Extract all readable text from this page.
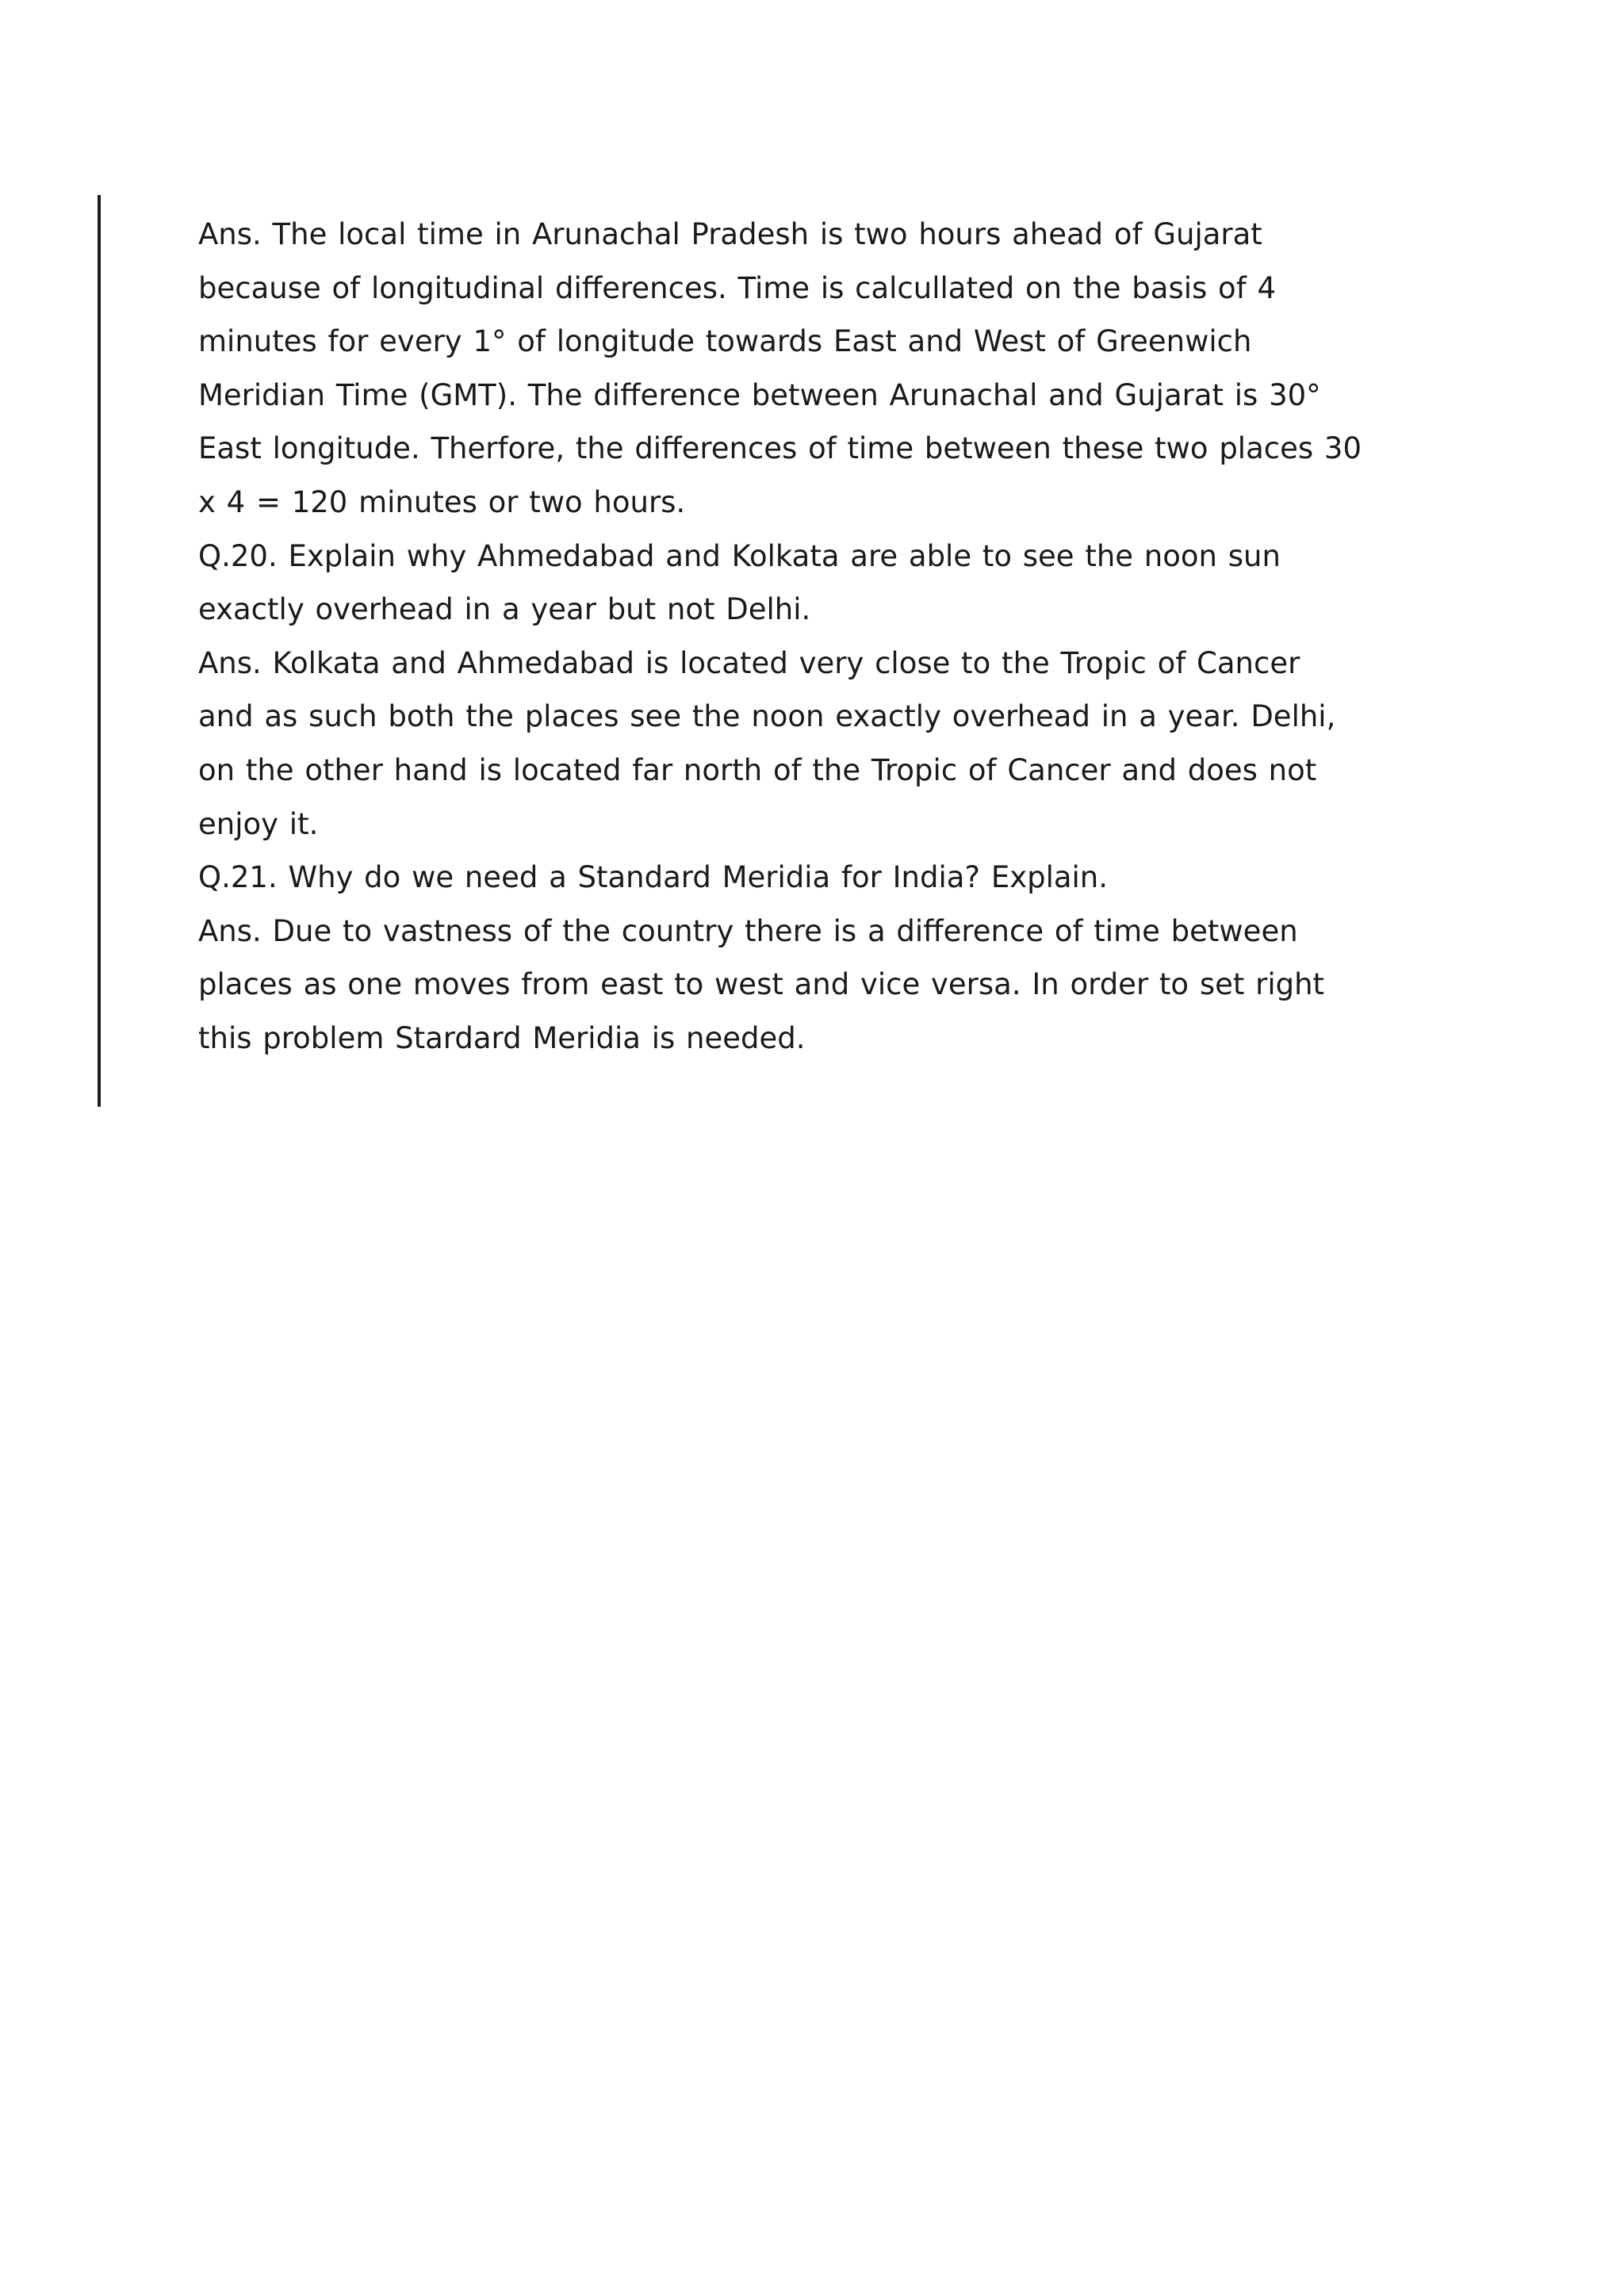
Ans. The local time in Arunachal Pradesh is two hours ahead of Gujarat
because of longitudinal differences. Time is calcullated on the basis of 4
minutes for every 1° of longitude towards East and West of Greenwich
Meridian Time (GMT). The difference between Arunachal and Gujarat is 30°
East longitude. Therfore, the differences of time between these two places 30
x 4 = 120 minutes or two hours.
Q.20. Explain why Ahmedabad and Kolkata are able to see the noon sun
exactly overhead in a year but not Delhi.
Ans. Kolkata and Ahmedabad is located very close to the Tropic of Cancer
and as such both the places see the noon exactly overhead in a year. Delhi,
on the other hand is located far north of the Tropic of Cancer and does not
enjoy it.
Q.21. Why do we need a Standard Meridia for India? Explain.
Ans. Due to vastness of the country there is a difference of time between
places as one moves from east to west and vice versa. In order to set right
this problem Stardard Meridia is needed.
